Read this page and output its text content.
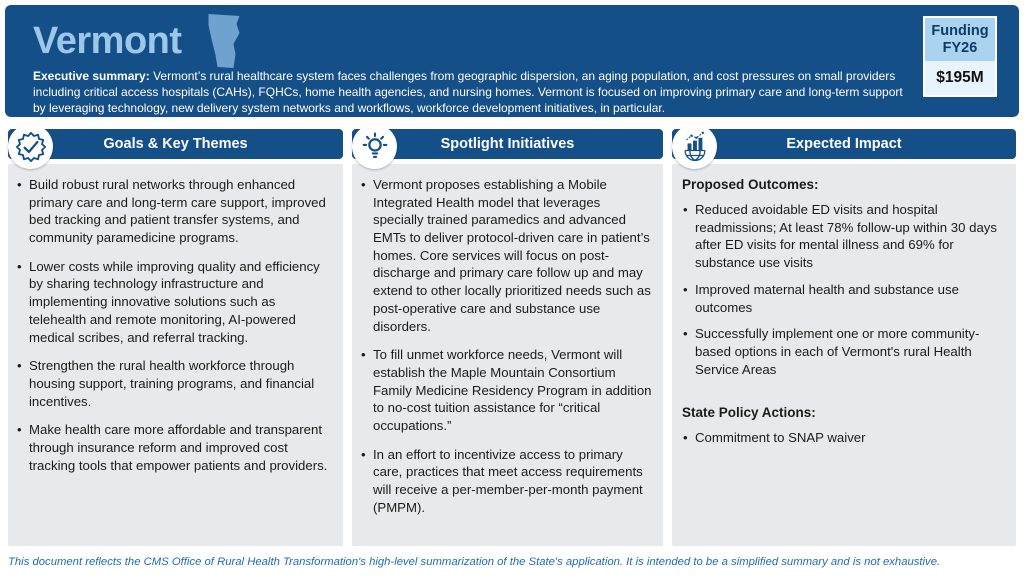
Vermont

Executive summary: Vermont’s rural healthcare system faces challenges from geographic dispersion, an aging population, and cost pressures on small providers including critical access hospitals (CAHs), FQHCs, home health agencies, and nursing homes. Vermont is focused on improving primary care and long-term support by leveraging technology, new delivery system networks and workflows, workforce development initiatives, in particular.

Funding FY26
$195M
Goals & Key Themes
• Build robust rural networks through enhanced primary care and long-term care support, improved bed tracking and patient transfer systems, and community paramedicine programs.
• Lower costs while improving quality and efficiency by sharing technology infrastructure and implementing innovative solutions such as telehealth and remote monitoring, AI-powered medical scribes, and referral tracking.
• Strengthen the rural health workforce through housing support, training programs, and financial incentives.
• Make health care more affordable and transparent through insurance reform and improved cost tracking tools that empower patients and providers.
Spotlight Initiatives
• Vermont proposes establishing a Mobile Integrated Health model that leverages specially trained paramedics and advanced EMTs to deliver protocol-driven care in patient’s homes. Core services will focus on post-discharge and primary care follow up and may extend to other locally prioritized needs such as post-operative care and substance use disorders.
• To fill unmet workforce needs, Vermont will establish the Maple Mountain Consortium Family Medicine Residency Program in addition to no-cost tuition assistance for “critical occupations.”
• In an effort to incentivize access to primary care, practices that meet access requirements will receive a per-member-per-month payment (PMPM).
Expected Impact
Proposed Outcomes:
• Reduced avoidable ED visits and hospital readmissions; At least 78% follow-up within 30 days after ED visits for mental illness and 69% for substance use visits
• Improved maternal health and substance use outcomes
• Successfully implement one or more community-based options in each of Vermont's rural Health Service Areas
State Policy Actions:
• Commitment to SNAP waiver
This document reflects the CMS Office of Rural Health Transformation's high-level summarization of the State's application. It is intended to be a simplified summary and is not exhaustive.
